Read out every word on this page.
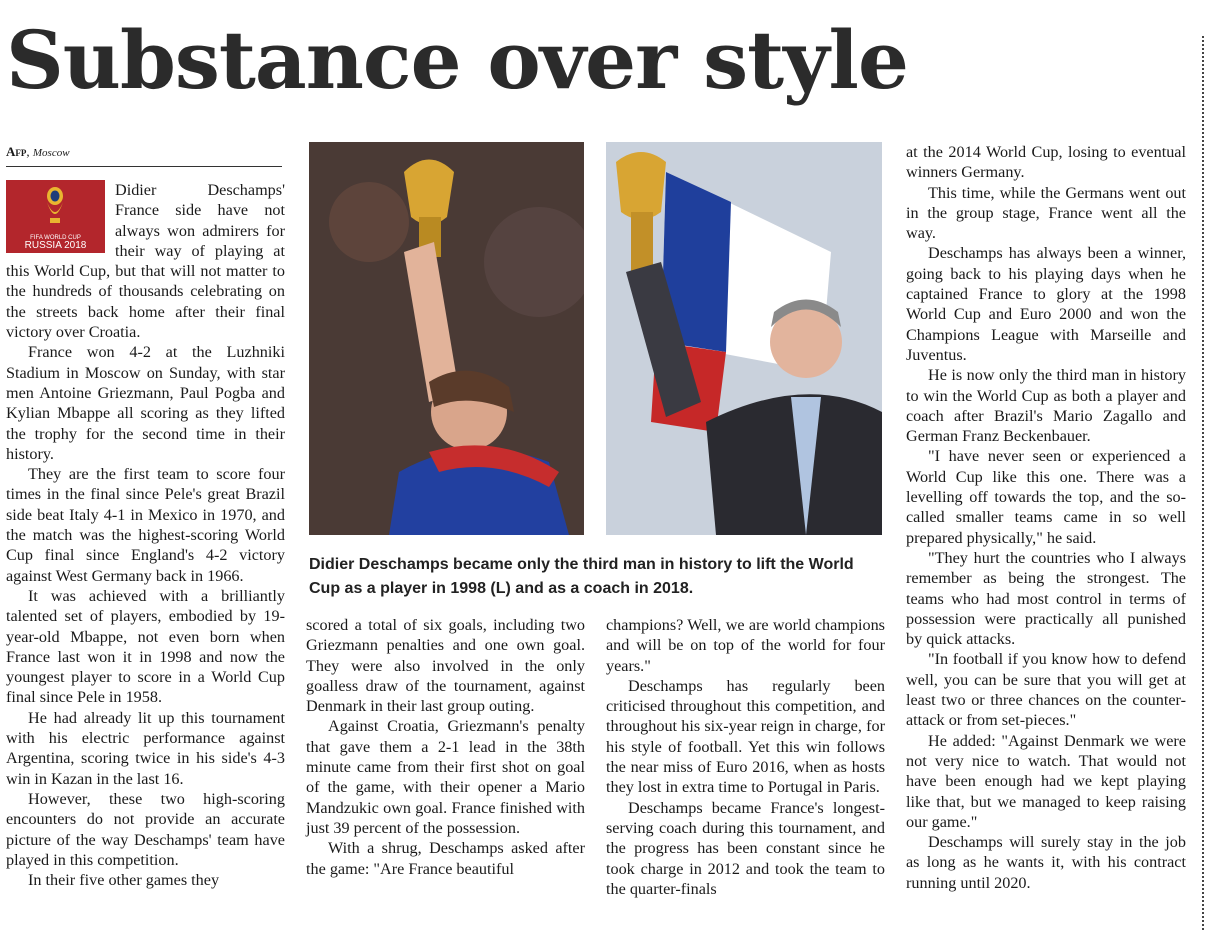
Substance over style
Afp, Moscow
FIFA WORLD CUP
RUSSIA 2018

Didier Deschamps' France side have not always won admirers for their way of playing at this World Cup, but that will not matter to the hundreds of thousands celebrating on the streets back home after their final victory over Croatia.

France won 4-2 at the Luzhniki Stadium in Moscow on Sunday, with star men Antoine Griezmann, Paul Pogba and Kylian Mbappe all scoring as they lifted the trophy for the second time in their history.

They are the first team to score four times in the final since Pele's great Brazil side beat Italy 4-1 in Mexico in 1970, and the match was the highest-scoring World Cup final since England's 4-2 victory against West Germany back in 1966.

It was achieved with a brilliantly talented set of players, embodied by 19-year-old Mbappe, not even born when France last won it in 1998 and now the youngest player to score in a World Cup final since Pele in 1958.

He had already lit up this tournament with his electric performance against Argentina, scoring twice in his side's 4-3 win in Kazan in the last 16.

However, these two high-scoring encounters do not provide an accurate picture of the way Deschamps' team have played in this competition.

In their five other games they

Didier Deschamps became only the third man in history to lift the World Cup as a player in 1998 (L) and as a coach in 2018.

scored a total of six goals, including two Griezmann penalties and one own goal. They were also involved in the only goalless draw of the tournament, against Denmark in their last group outing.

Against Croatia, Griezmann's penalty that gave them a 2-1 lead in the 38th minute came from their first shot on goal of the game, with their opener a Mario Mandzukic own goal. France finished with just 39 percent of the possession.

With a shrug, Deschamps asked after the game: "Are France beautiful

champions? Well, we are world champions and will be on top of the world for four years."

Deschamps has regularly been criticised throughout this competition, and throughout his six-year reign in charge, for his style of football. Yet this win follows the near miss of Euro 2016, when as hosts they lost in extra time to Portugal in Paris.

Deschamps became France's longest-serving coach during this tournament, and the progress has been constant since he took charge in 2012 and took the team to the quarter-finals

at the 2014 World Cup, losing to eventual winners Germany.

This time, while the Germans went out in the group stage, France went all the way.

Deschamps has always been a winner, going back to his playing days when he captained France to glory at the 1998 World Cup and Euro 2000 and won the Champions League with Marseille and Juventus.

He is now only the third man in history to win the World Cup as both a player and coach after Brazil's Mario Zagallo and German Franz Beckenbauer.

"I have never seen or experienced a World Cup like this one. There was a levelling off towards the top, and the so-called smaller teams came in so well prepared physically," he said.

"They hurt the countries who I always remember as being the strongest. The teams who had most control in terms of possession were practically all punished by quick attacks.

"In football if you know how to defend well, you can be sure that you will get at least two or three chances on the counter-attack or from set-pieces."

He added: "Against Denmark we were not very nice to watch. That would not have been enough had we kept playing like that, but we managed to keep raising our game."

Deschamps will surely stay in the job as long as he wants it, with his contract running until 2020.
